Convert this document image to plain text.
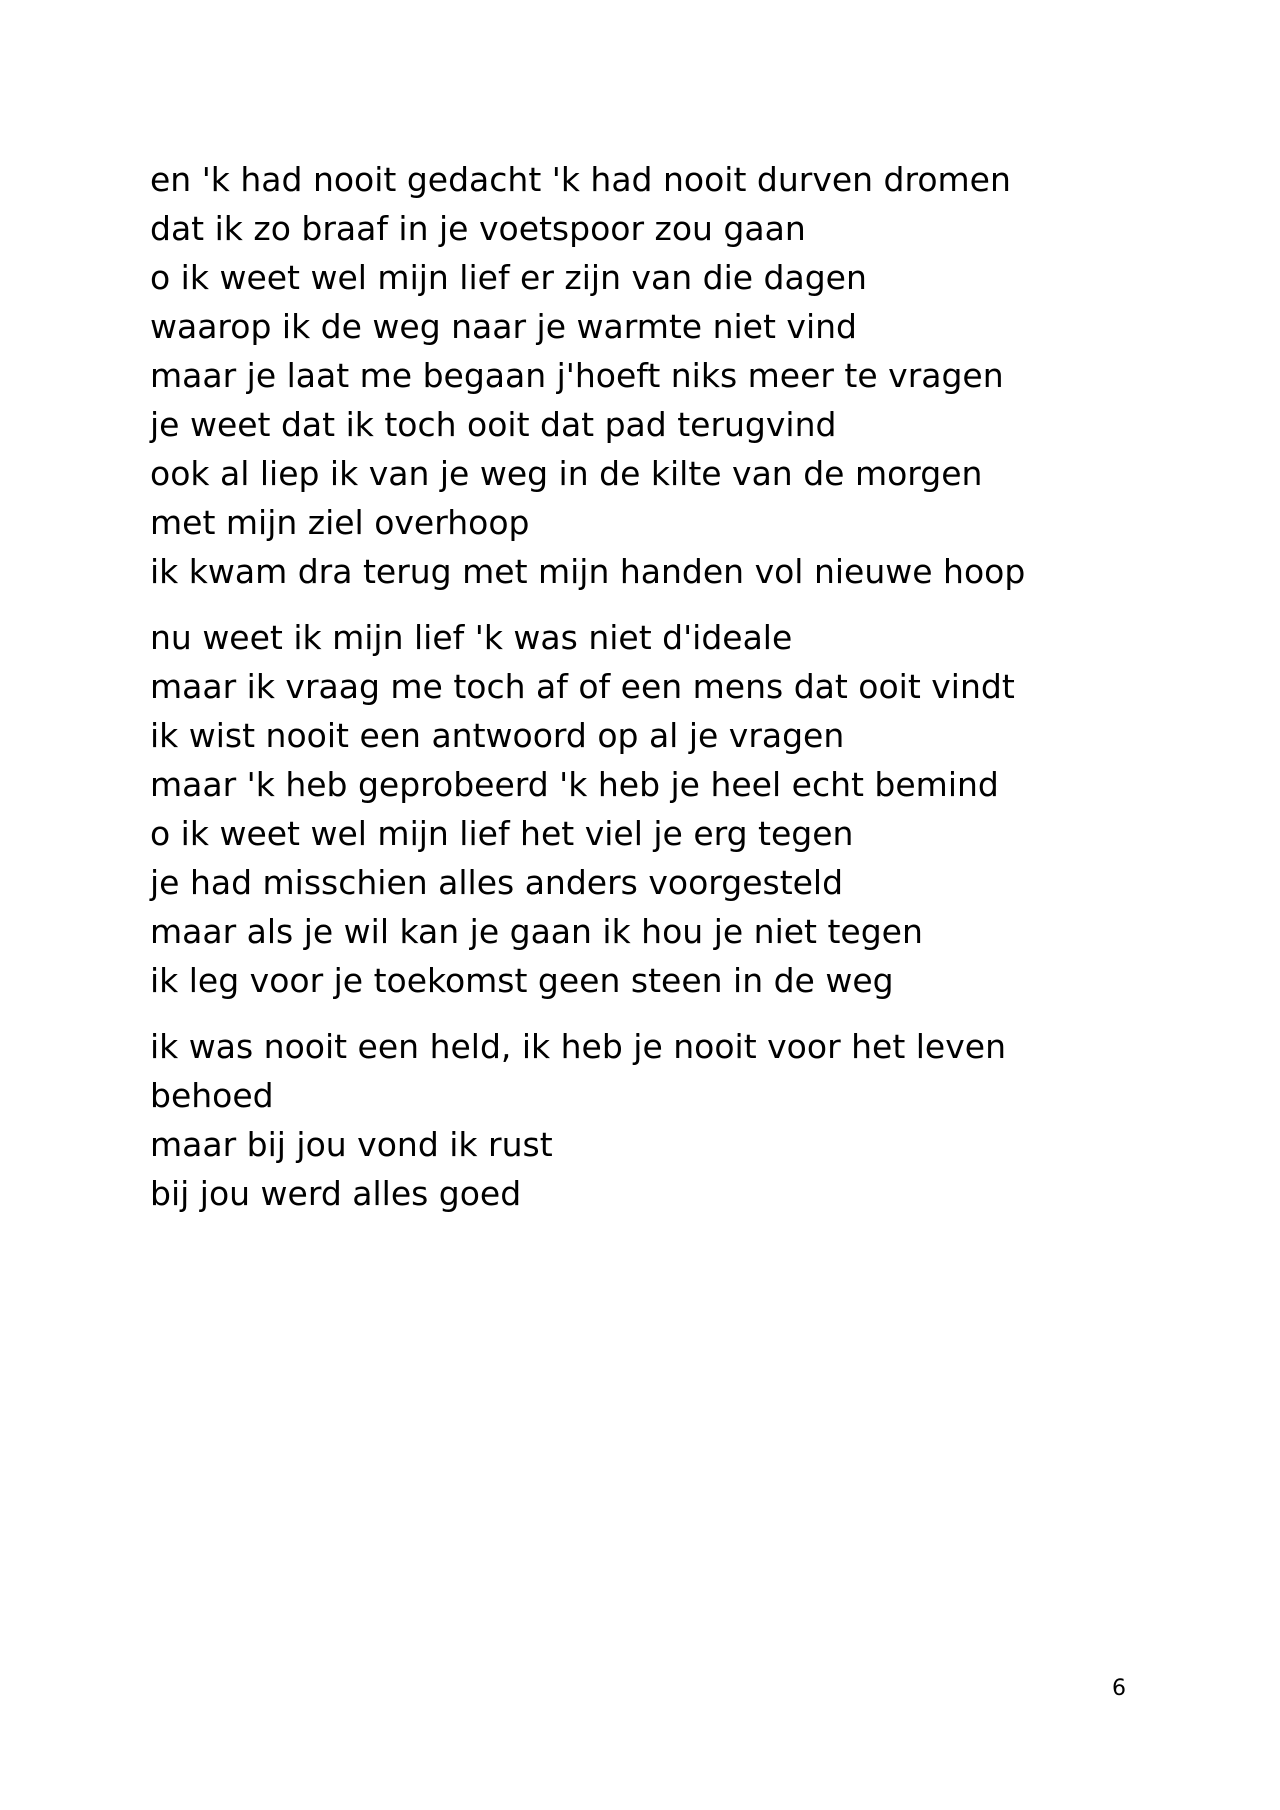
en 'k had nooit gedacht 'k had nooit durven dromen

dat ik zo braaf in je voetspoor zou gaan

o ik weet wel mijn lief er zijn van die dagen

waarop ik de weg naar je warmte niet vind

maar je laat me begaan j'hoeft niks meer te vragen

je weet dat ik toch ooit dat pad terugvind

ook al liep ik van je weg in de kilte van de morgen

met mijn ziel overhoop

ik kwam dra terug met mijn handen vol nieuwe hoop

nu weet ik mijn lief 'k was niet d'ideale

maar ik vraag me toch af of een mens dat ooit vindt

ik wist nooit een antwoord op al je vragen

maar 'k heb geprobeerd 'k heb je heel echt bemind

o ik weet wel mijn lief het viel je erg tegen

je had misschien alles anders voorgesteld

maar als je wil kan je gaan ik hou je niet tegen

ik leg voor je toekomst geen steen in de weg

ik was nooit een held, ik heb je nooit voor het leven behoed

maar bij jou vond ik rust

bij jou werd alles goed

6
